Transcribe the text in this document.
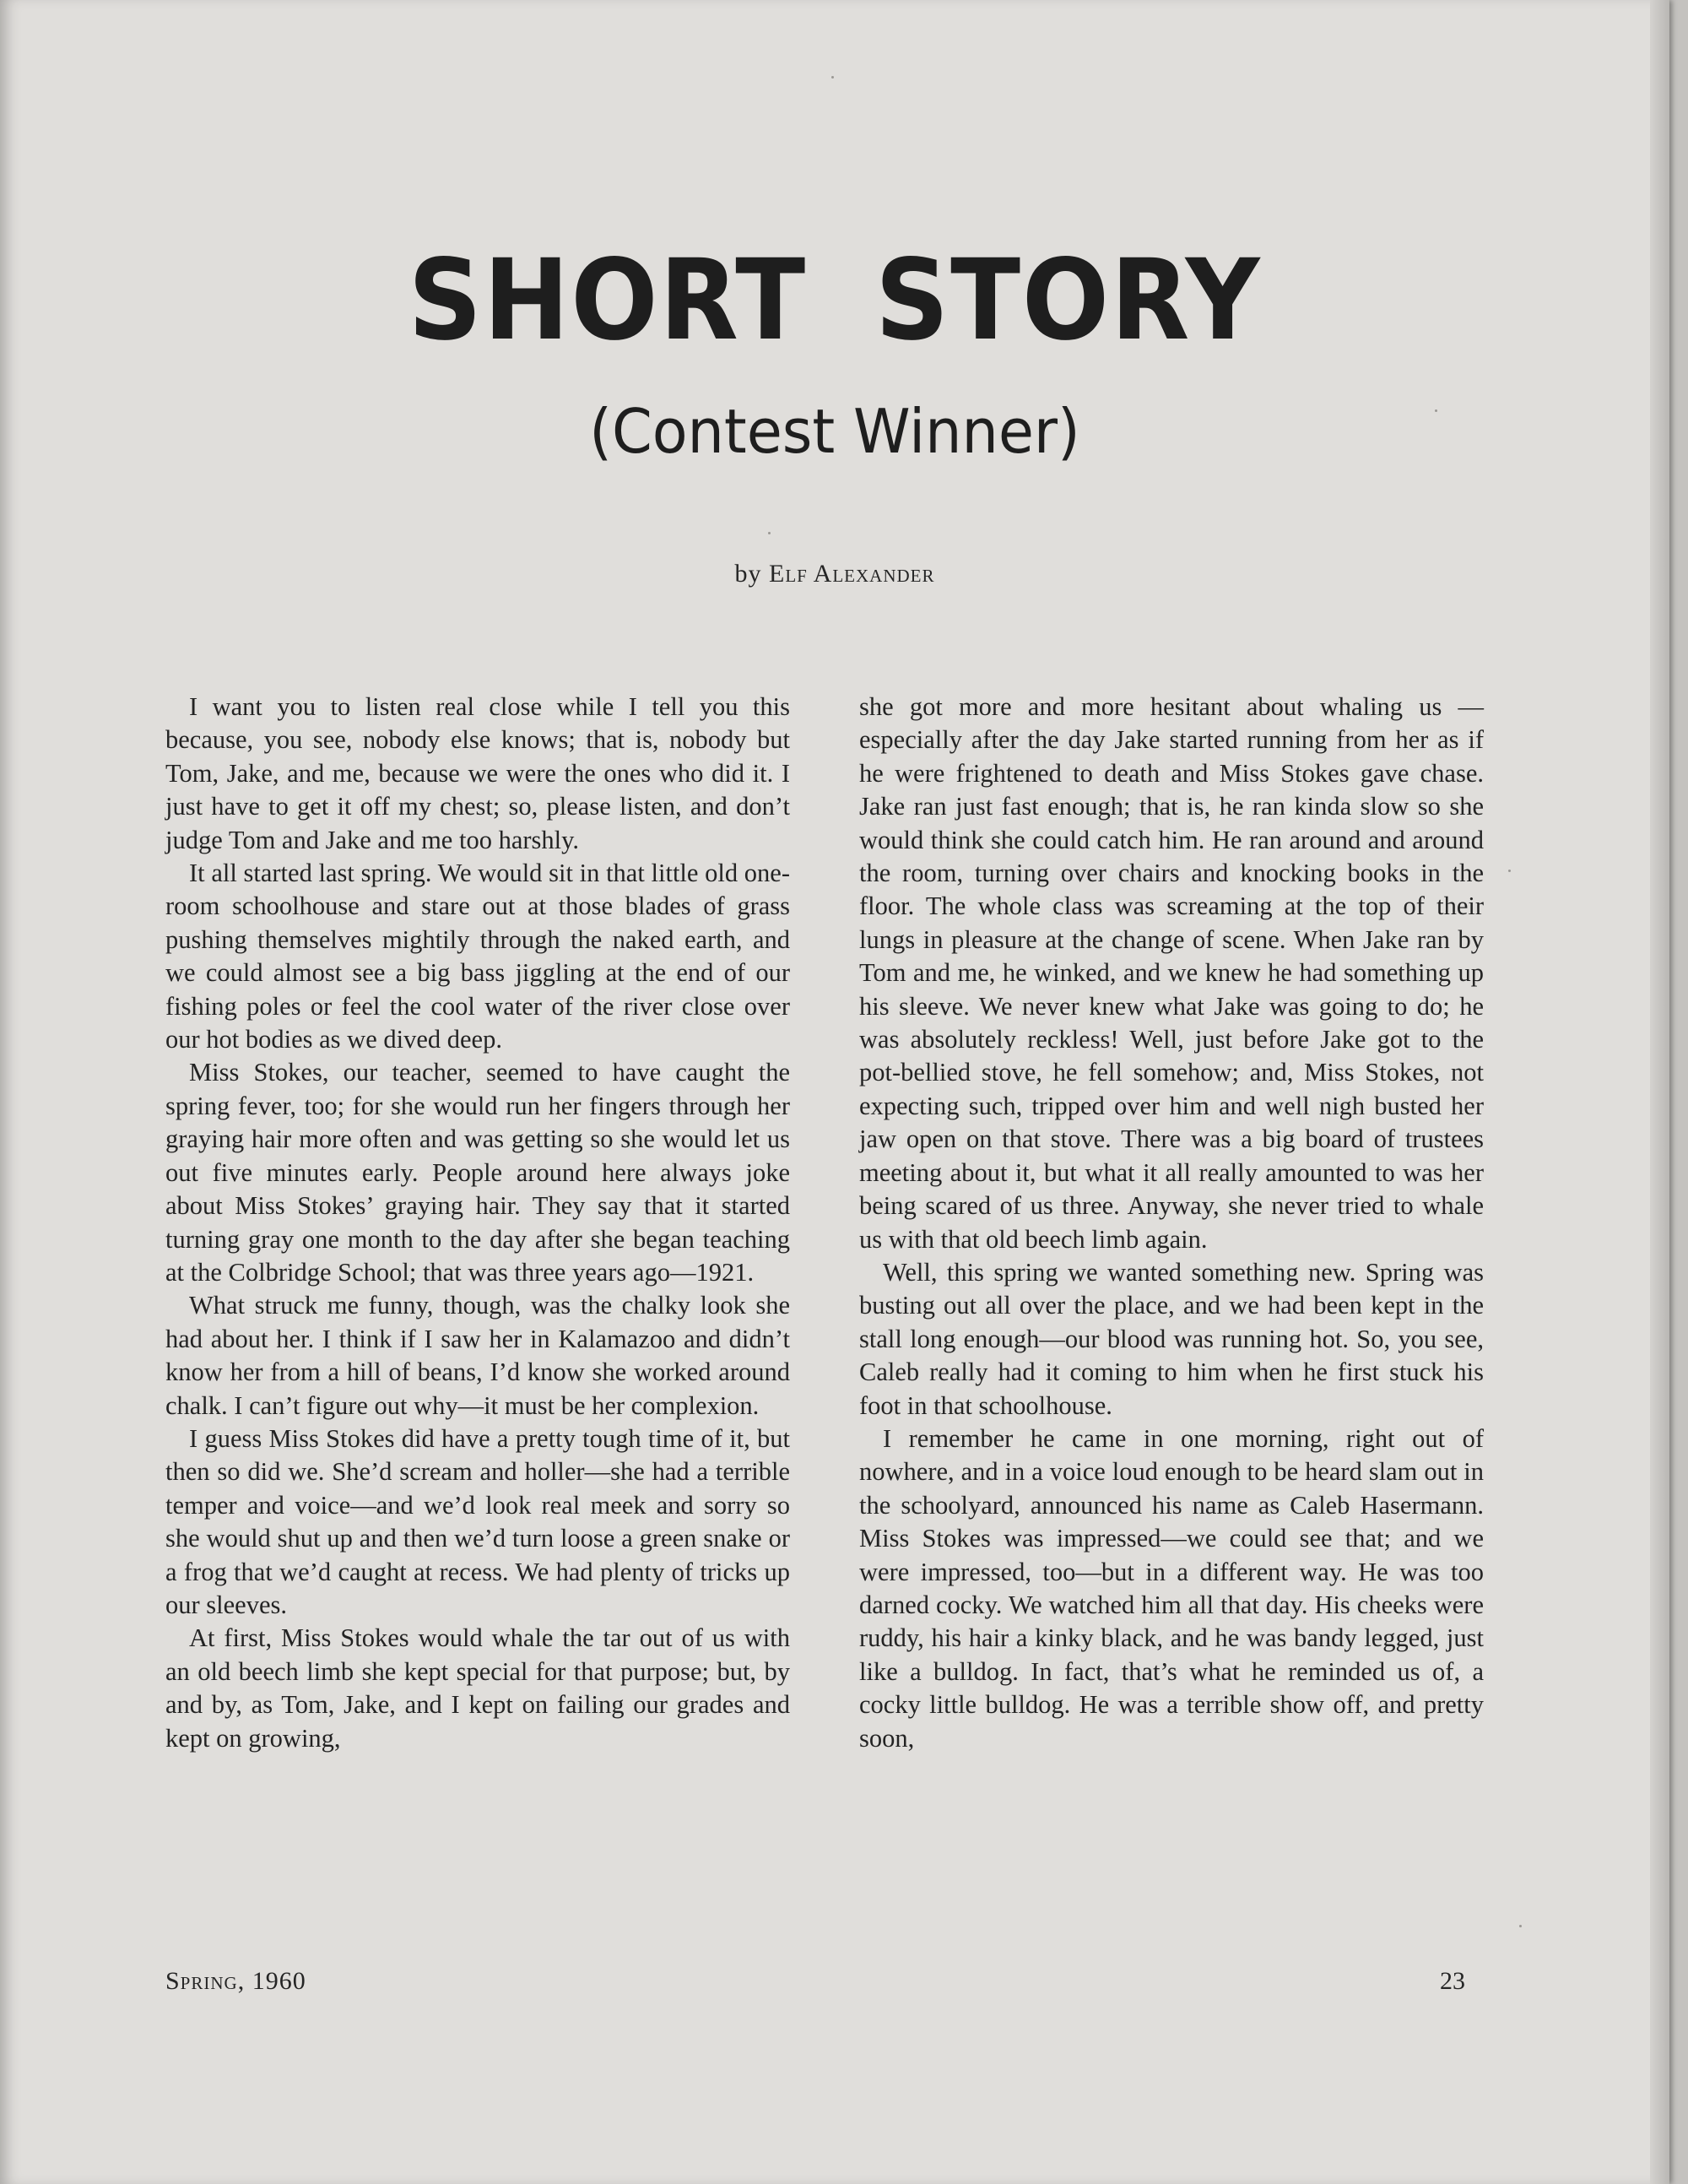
SHORT STORY
(Contest Winner)
by Elf Alexander

I want you to listen real close while I tell you this because, you see, nobody else knows; that is, nobody but Tom, Jake, and me, because we were the ones who did it. I just have to get it off my chest; so, please listen, and don’t judge Tom and Jake and me too harshly.

It all started last spring. We would sit in that little old one-room schoolhouse and stare out at those blades of grass pushing themselves mightily through the naked earth, and we could almost see a big bass jiggling at the end of our fishing poles or feel the cool water of the river close over our hot bodies as we dived deep.

Miss Stokes, our teacher, seemed to have caught the spring fever, too; for she would run her fingers through her graying hair more often and was getting so she would let us out five minutes early. People around here always joke about Miss Stokes’ graying hair. They say that it started turning gray one month to the day after she began teaching at the Colbridge School; that was three years ago—1921.

What struck me funny, though, was the chalky look she had about her. I think if I saw her in Kalamazoo and didn’t know her from a hill of beans, I’d know she worked around chalk. I can’t figure out why—it must be her complexion.

I guess Miss Stokes did have a pretty tough time of it, but then so did we. She’d scream and holler—she had a terrible temper and voice—and we’d look real meek and sorry so she would shut up and then we’d turn loose a green snake or a frog that we’d caught at recess. We had plenty of tricks up our sleeves.

At first, Miss Stokes would whale the tar out of us with an old beech limb she kept special for that purpose; but, by and by, as Tom, Jake, and I kept on failing our grades and kept on growing,

she got more and more hesitant about whaling us —especially after the day Jake started running from her as if he were frightened to death and Miss Stokes gave chase. Jake ran just fast enough; that is, he ran kinda slow so she would think she could catch him. He ran around and around the room, turning over chairs and knocking books in the floor. The whole class was screaming at the top of their lungs in pleasure at the change of scene. When Jake ran by Tom and me, he winked, and we knew he had something up his sleeve. We never knew what Jake was going to do; he was absolutely reckless! Well, just before Jake got to the pot-bellied stove, he fell somehow; and, Miss Stokes, not expecting such, tripped over him and well nigh busted her jaw open on that stove. There was a big board of trustees meeting about it, but what it all really amounted to was her being scared of us three. Anyway, she never tried to whale us with that old beech limb again.

Well, this spring we wanted something new. Spring was busting out all over the place, and we had been kept in the stall long enough—our blood was running hot. So, you see, Caleb really had it coming to him when he first stuck his foot in that schoolhouse.

I remember he came in one morning, right out of nowhere, and in a voice loud enough to be heard slam out in the schoolyard, announced his name as Caleb Hasermann. Miss Stokes was impressed—we could see that; and we were impressed, too—but in a different way. He was too darned cocky. We watched him all that day. His cheeks were ruddy, his hair a kinky black, and he was bandy legged, just like a bulldog. In fact, that’s what he reminded us of, a cocky little bulldog. He was a terrible show off, and pretty soon,

Spring, 1960	23
